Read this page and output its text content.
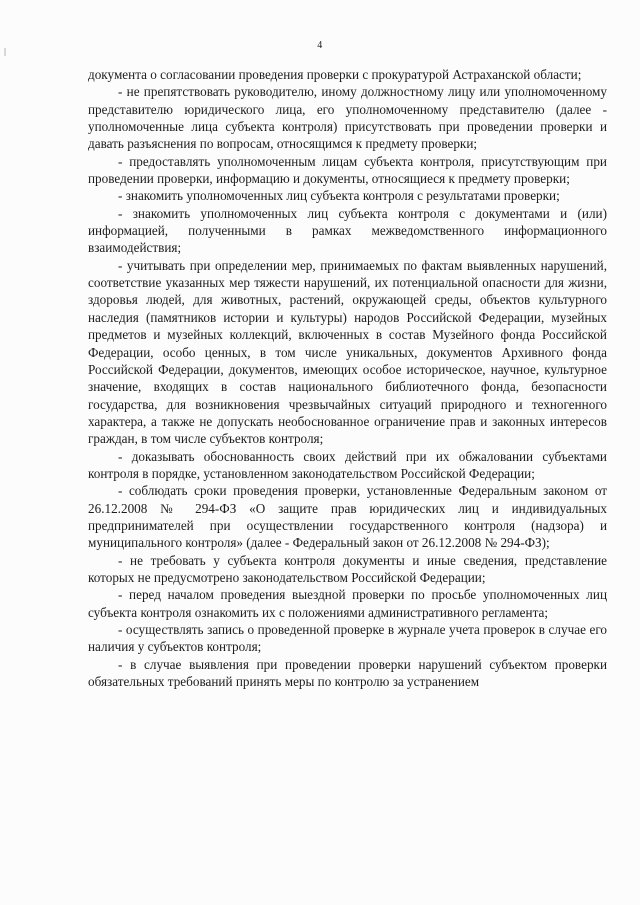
4

документа о согласовании проведения проверки с прокуратурой Астраханской области;

- не препятствовать руководителю, иному должностному лицу или уполномоченному представителю юридического лица, его уполномоченному представителю (далее - уполномоченные лица субъекта контроля) присутствовать при проведении проверки и давать разъяснения по вопросам, относящимся к предмету проверки;

- предоставлять уполномоченным лицам субъекта контроля, присутствующим при проведении проверки, информацию и документы, относящиеся к предмету проверки;

- знакомить уполномоченных лиц субъекта контроля с результатами проверки;

- знакомить уполномоченных лиц субъекта контроля с документами и (или) информацией, полученными в рамках межведомственного информационного взаимодействия;

- учитывать при определении мер, принимаемых по фактам выявленных нарушений, соответствие указанных мер тяжести нарушений, их потенциальной опасности для жизни, здоровья людей, для животных, растений, окружающей среды, объектов культурного наследия (памятников истории и культуры) народов Российской Федерации, музейных предметов и музейных коллекций, включенных в состав Музейного фонда Российской Федерации, особо ценных, в том числе уникальных, документов Архивного фонда Российской Федерации, документов, имеющих особое историческое, научное, культурное значение, входящих в состав национального библиотечного фонда, безопасности государства, для возникновения чрезвычайных ситуаций природного и техногенного характера, а также не допускать необоснованное ограничение прав и законных интересов граждан, в том числе субъектов контроля;

- доказывать обоснованность своих действий при их обжаловании субъектами контроля в порядке, установленном законодательством Российской Федерации;

- соблюдать сроки проведения проверки, установленные Федеральным законом от 26.12.2008 № 294-ФЗ «О защите прав юридических лиц и индивидуальных предпринимателей при осуществлении государственного контроля (надзора) и муниципального контроля» (далее - Федеральный закон от 26.12.2008 № 294-ФЗ);

- не требовать у субъекта контроля документы и иные сведения, представление которых не предусмотрено законодательством Российской Федерации;

- перед началом проведения выездной проверки по просьбе уполномоченных лиц субъекта контроля ознакомить их с положениями административного регламента;

- осуществлять запись о проведенной проверке в журнале учета проверок в случае его наличия у субъектов контроля;

- в случае выявления при проведении проверки нарушений субъектом проверки обязательных требований принять меры по контролю за устранением
